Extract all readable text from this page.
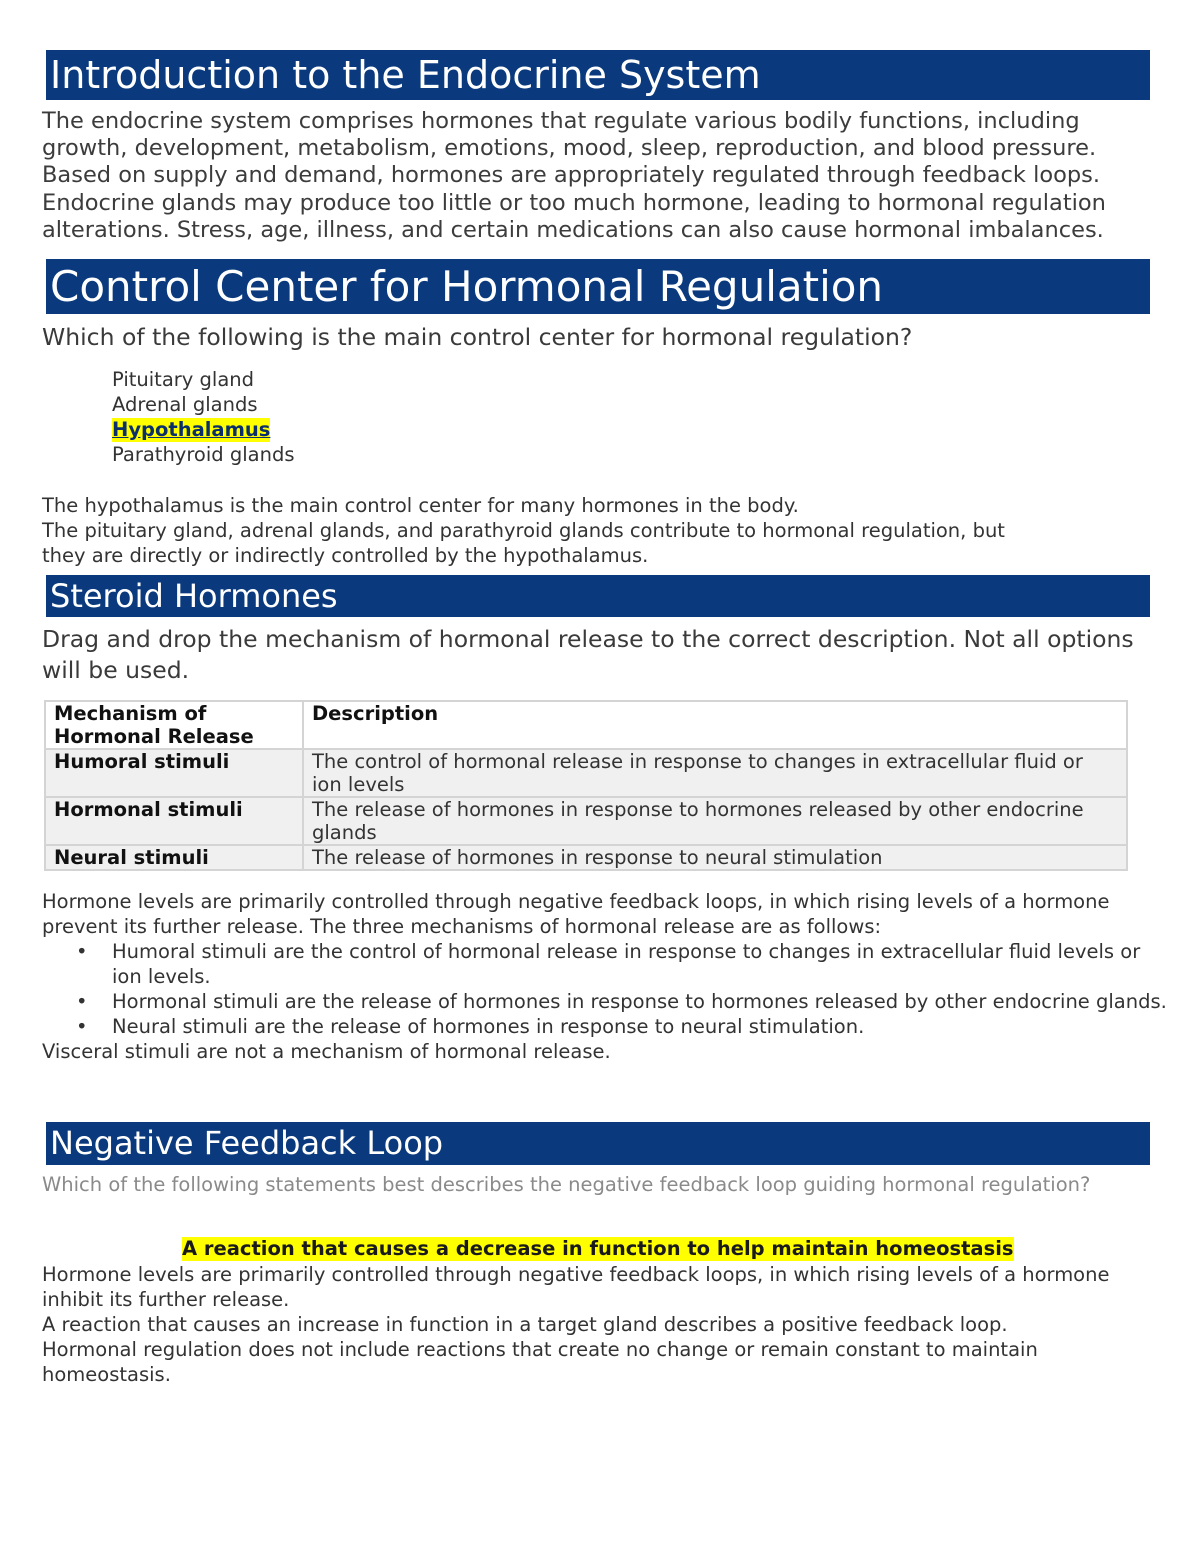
Introduction to the Endocrine System

The endocrine system comprises hormones that regulate various bodily functions, including

growth, development, metabolism, emotions, mood, sleep, reproduction, and blood pressure.

Based on supply and demand, hormones are appropriately regulated through feedback loops.

Endocrine glands may produce too little or too much hormone, leading to hormonal regulation

alterations. Stress, age, illness, and certain medications can also cause hormonal imbalances.

Control Center for Hormonal Regulation
Which of the following is the main control center for hormonal regulation?
Pituitary gland
Adrenal glands
Hypothalamus
Parathyroid glands
The hypothalamus is the main control center for many hormones in the body.
The pituitary gland, adrenal glands, and parathyroid glands contribute to hormonal regulation, but
they are directly or indirectly controlled by the hypothalamus.
Steroid Hormones
Drag and drop the mechanism of hormonal release to the correct description. Not all options will be used.
Mechanism of Hormonal Release	Description
Humoral stimuli	The control of hormonal release in response to changes in extracellular fluid or ion levels
Hormonal stimuli	The release of hormones in response to hormones released by other endocrine glands
Neural stimuli	The release of hormones in response to neural stimulation
Hormone levels are primarily controlled through negative feedback loops, in which rising levels of a hormone prevent its further release. The three mechanisms of hormonal release are as follows:
• Humoral stimuli are the control of hormonal release in response to changes in extracellular fluid levels or ion levels.
• Hormonal stimuli are the release of hormones in response to hormones released by other endocrine glands.
• Neural stimuli are the release of hormones in response to neural stimulation.
Visceral stimuli are not a mechanism of hormonal release.
Negative Feedback Loop
Which of the following statements best describes the negative feedback loop guiding hormonal regulation?
A reaction that causes a decrease in function to help maintain homeostasis
Hormone levels are primarily controlled through negative feedback loops, in which rising levels of a hormone inhibit its further release.
A reaction that causes an increase in function in a target gland describes a positive feedback loop.
Hormonal regulation does not include reactions that create no change or remain constant to maintain homeostasis.
